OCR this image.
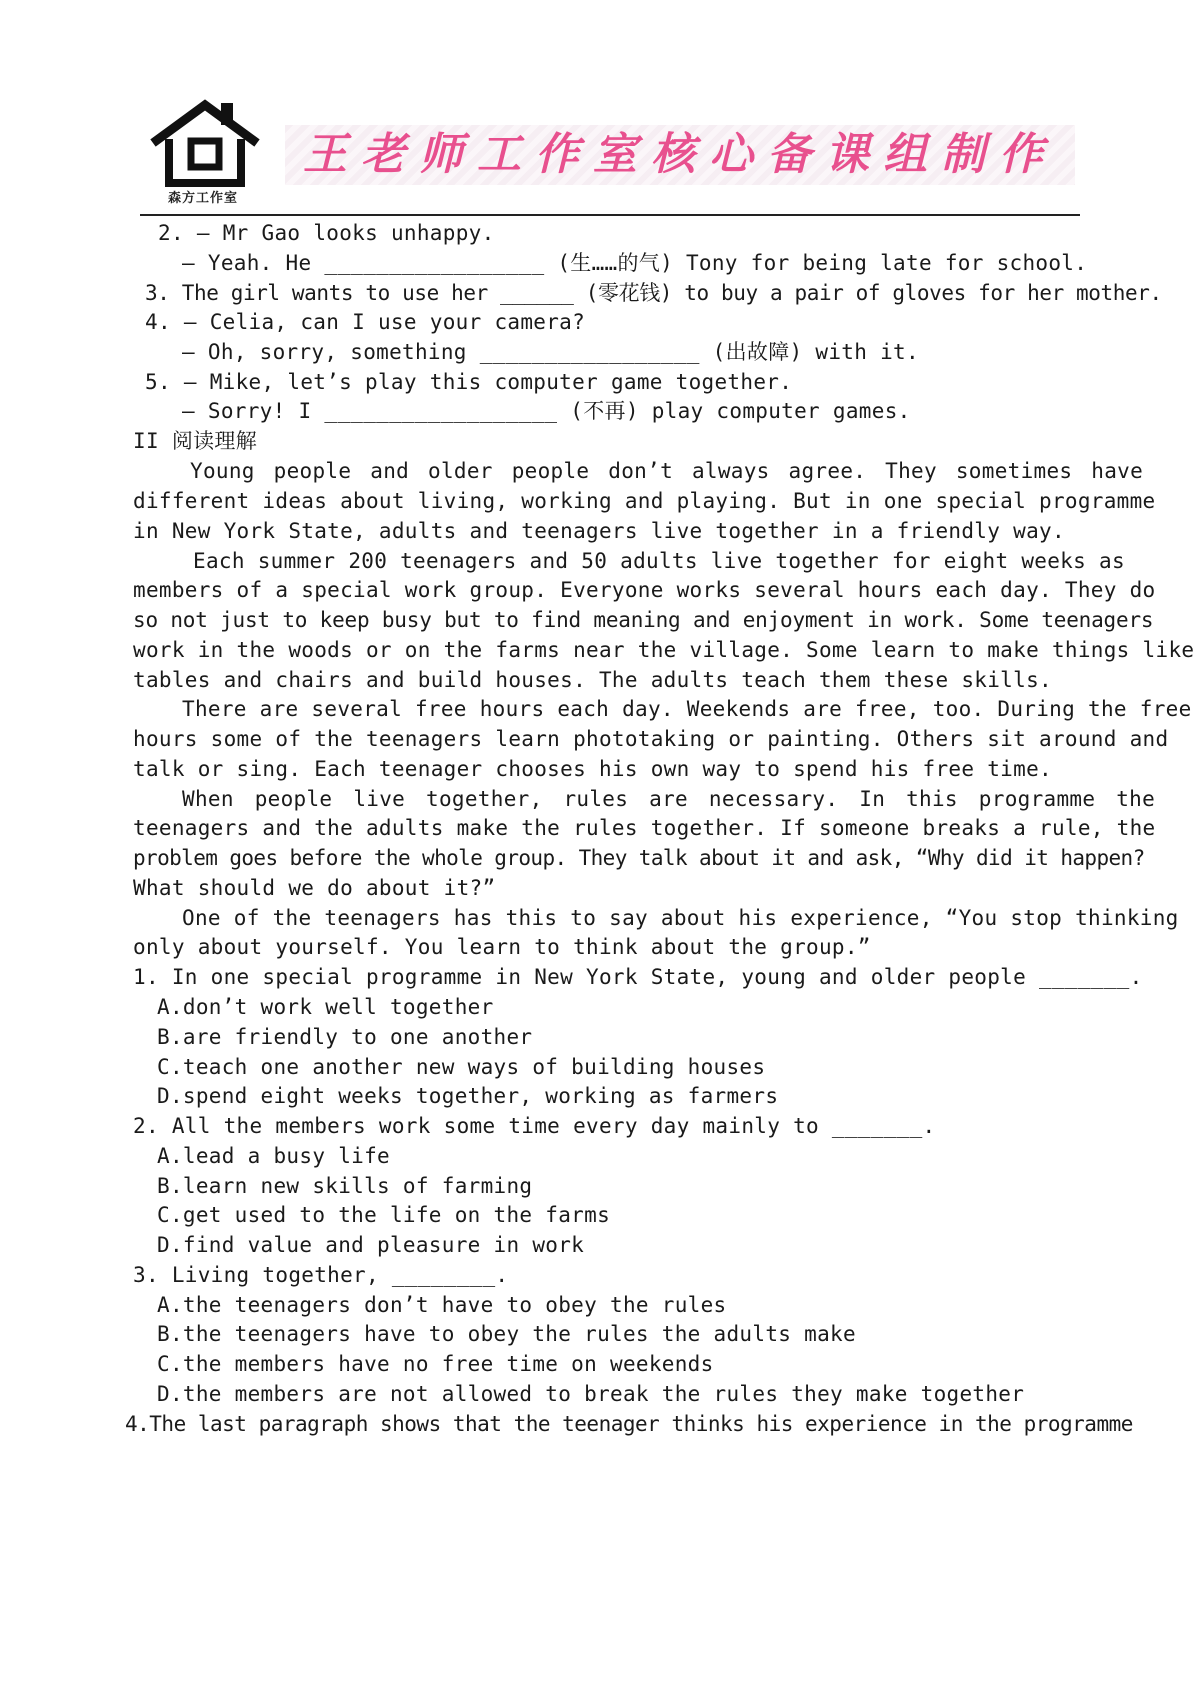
森方工作室
王老师工作室核心备课组制作
2. — Mr Gao looks unhappy.
— Yeah. He _________________ (生……的气) Tony for being late for school.
3. The girl wants to use her ______ (零花钱) to buy a pair of gloves for her mother.
4. — Celia, can I use your camera?
— Oh, sorry, something _________________ (出故障) with it.
5. — Mike, let’s play this computer game together.
— Sorry! I __________________ (不再) play computer games.
II 阅读理解
Young people and older people don’t always agree. They sometimes have
different ideas about living, working and playing. But in one special programme
in New York State, adults and teenagers live together in a friendly way.
Each summer 200 teenagers and 50 adults live together for eight weeks as
members of a special work group. Everyone works several hours each day. They do
so not just to keep busy but to find meaning and enjoyment in work. Some teenagers
work in the woods or on the farms near the village. Some learn to make things like
tables and chairs and build houses. The adults teach them these skills.
There are several free hours each day. Weekends are free, too. During the free
hours some of the teenagers learn phototaking or painting. Others sit around and
talk or sing. Each teenager chooses his own way to spend his free time.
When people live together, rules are necessary. In this programme the
teenagers and the adults make the rules together. If someone breaks a rule, the
problem goes before the whole group. They talk about it and ask, “Why did it happen?
What should we do about it?”
One of the teenagers has this to say about his experience, “You stop thinking
only about yourself. You learn to think about the group.”
1. In one special programme in New York State, young and older people _______.
A.don’t work well together
B.are friendly to one another
C.teach one another new ways of building houses
D.spend eight weeks together, working as farmers
2. All the members work some time every day mainly to _______.
A.lead a busy life
B.learn new skills of farming
C.get used to the life on the farms
D.find value and pleasure in work
3. Living together, ________.
A.the teenagers don’t have to obey the rules
B.the teenagers have to obey the rules the adults make
C.the members have no free time on weekends
D.the members are not allowed to break the rules they make together
4.The last paragraph shows that the teenager thinks his experience in the programme
